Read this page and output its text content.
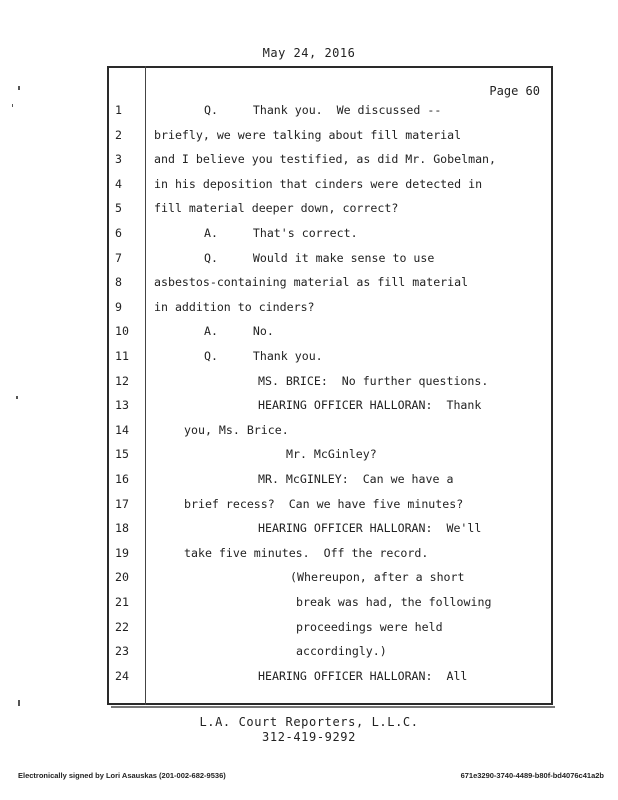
May 24, 2016
Page 60
1	Q.     Thank you.  We discussed --
2	briefly, we were talking about fill material
3	and I believe you testified, as did Mr. Gobelman,
4	in his deposition that cinders were detected in
5	fill material deeper down, correct?
6	A.     That's correct.
7	Q.     Would it make sense to use
8	asbestos-containing material as fill material
9	in addition to cinders?
10	A.     No.
11	Q.     Thank you.
12	MS. BRICE:  No further questions.
13	HEARING OFFICER HALLORAN:  Thank
14	you, Ms. Brice.
15	Mr. McGinley?
16	MR. McGINLEY:  Can we have a
17	brief recess?  Can we have five minutes?
18	HEARING OFFICER HALLORAN:  We'll
19	take five minutes.  Off the record.
20	(Whereupon, after a short
21	break was had, the following
22	proceedings were held
23	accordingly.)
24	HEARING OFFICER HALLORAN:  All
L.A. Court Reporters, L.L.C.
312-419-9292
Electronically signed by Lori Asauskas (201-002-682-9536)	671e3290-3740-4489-b80f-bd4076c41a2b
